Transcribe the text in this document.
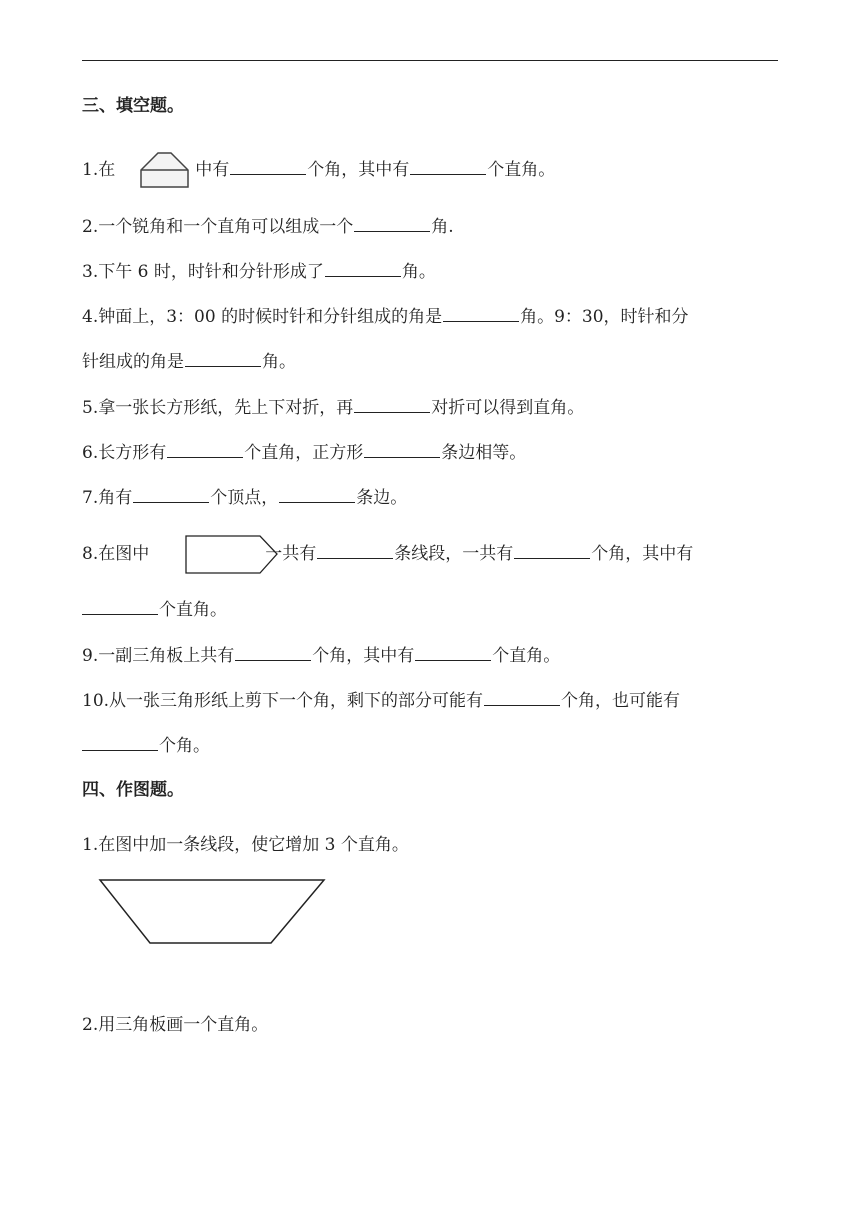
三、填空题。
1.在	中有	个角，其中有	个直角。
2.一个锐角和一个直角可以组成一个	角.
3.下午 6 时，时针和分针形成了	角。
4.钟面上，3：00 的时候时针和分针组成的角是	角。9：30，时针和分
针组成的角是	角。
5.拿一张长方形纸，先上下对折，再	对折可以得到直角。
6.长方形有	个直角，正方形	条边相等。
7.角有	个顶点，	条边。
8.在图中	一共有	条线段，一共有	个角，其中有
个直角。
9.一副三角板上共有	个角，其中有	个直角。
10.从一张三角形纸上剪下一个角，剩下的部分可能有	个角，也可能有
个角。
四、作图题。
1.在图中加一条线段，使它增加 3 个直角。
2.用三角板画一个直角。
